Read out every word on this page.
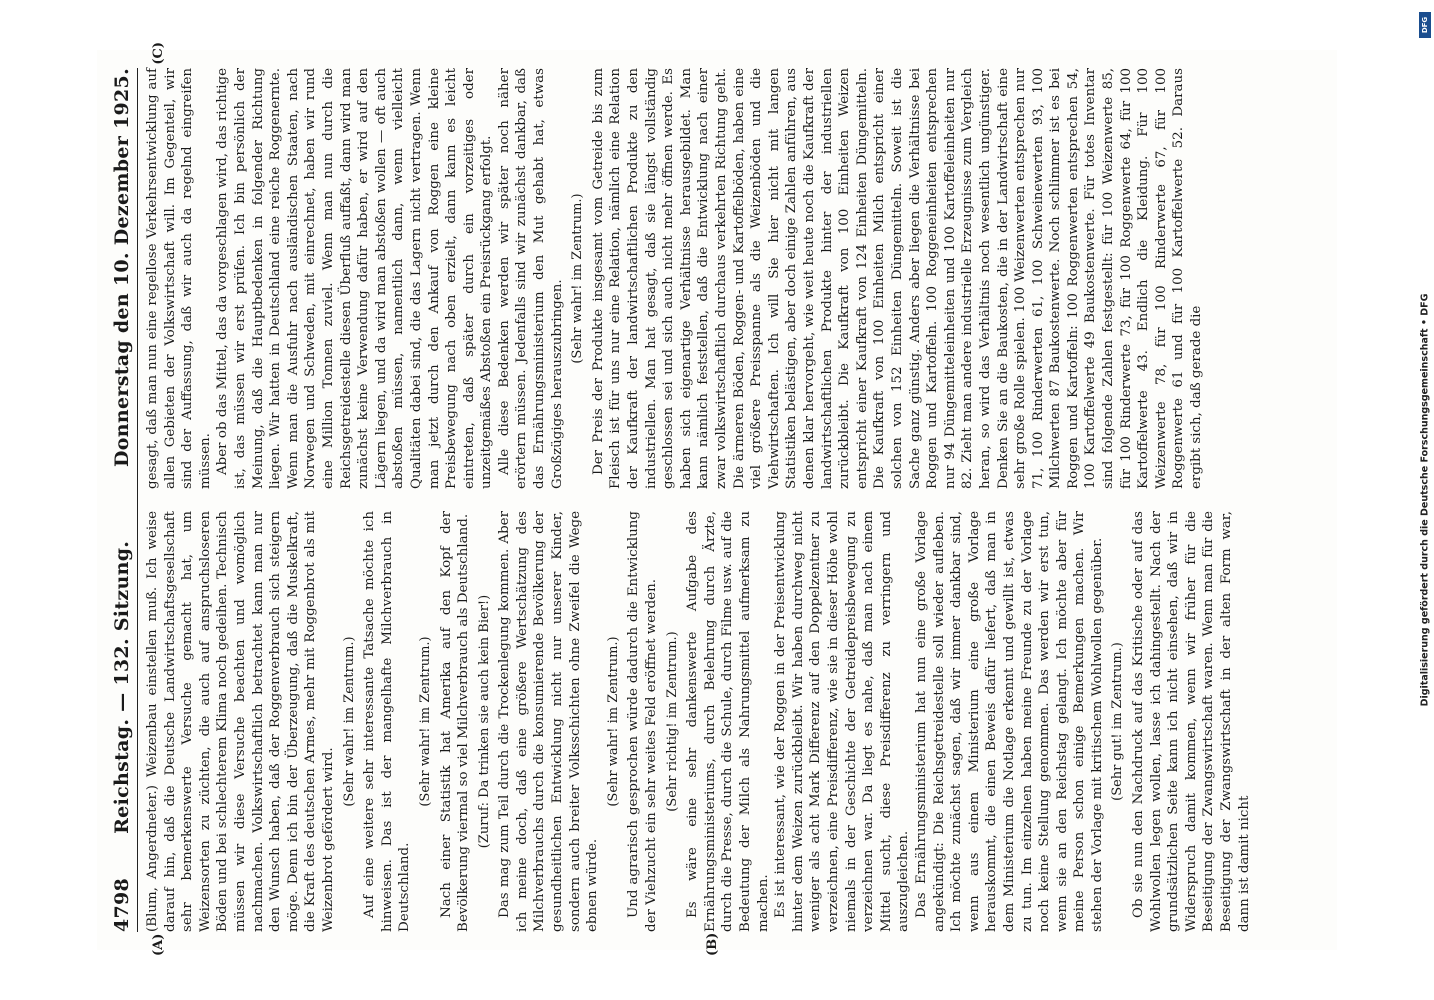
4798
Reichstag. — 132. Sitzung.
Donnerstag den 10. Dezember 1925.
(A)

(Blum, Angerdneter.) Weizenbau einstellen muß. Ich weise darauf hin, daß die Deutsche Landwirtschaftsgesellschaft sehr bemerkenswerte Versuche gemacht hat, um Weizensorten zu züchten, die auch auf anspruchsloseren Böden und bei schlechterem Klima noch gedeihen. Technisch müssen wir diese Versuche beachten und womöglich nachmachen. Volkswirtschaftlich betrachtet kann man nur den Wunsch haben, daß der Roggenverbrauch sich steigern möge. Denn ich bin der Überzeugung, daß die Muskelkraft, die Kraft des deutschen Armes, mehr mit Roggenbrot als mit Weizenbrot gefördert wird.

(Sehr wahr! im Zentrum.) Auf eine weitere sehr interessante Tatsache möchte ich hinweisen. Das ist der mangelhafte Milchverbrauch in Deutschland.

(Sehr wahr! im Zentrum.) Nach einer Statistik hat Amerika auf den Kopf der Bevölkerung viermal so viel Milchverbrauch als Deutschland. (Zuruf: Da trinken sie auch kein Bier!) Das mag zum Teil durch die Trockenlegung kommen. Aber ich meine doch, daß eine größere Wertschätzung des Milchverbrauchs durch die konsumierende Bevölkerung der gesundheitlichen Entwicklung nicht nur unserer Kinder, sondern auch breiter Volksschichten ohne Zweifel die Wege ebnen würde.

(Sehr wahr! im Zentrum.) Und agrarisch gesprochen würde dadurch die Entwicklung der Viehzucht ein sehr weites Feld eröffnet werden. (Sehr richtig! im Zentrum.)

(B)

Es wäre eine sehr dankenswerte Aufgabe des Ernährungsministeriums, durch Belehrung durch Ärzte, durch die Presse, durch die Schule, durch Filme usw. auf die Bedeutung der Milch als Nahrungsmittel aufmerksam zu machen. Es ist interessant, wie der Roggen in der Preisentwicklung hinter dem Weizen zurückbleibt. Wir haben durchweg nicht weniger als acht Mark Differenz auf den Doppelzentner zu verzeichnen, eine Preisdifferenz, wie sie in dieser Höhe wohl niemals in der Geschichte der Getreidepreisbewegung zu verzeichnen war. Da liegt es nahe, daß man nach einem Mittel sucht, diese Preisdifferenz zu verringern und auszugleichen. Das Ernährungsministerium hat nun eine große Vorlage angekündigt: Die Reichsgetreidestelle soll wieder aufleben. Ich möchte zunächst sagen, daß wir immer dankbar sind, wenn aus einem Ministerium eine große Vorlage herauskommt, die einen Beweis dafür liefert, daß man in dem Ministerium die Notlage erkennt und gewillt ist, etwas zu tun. Im einzelnen haben meine Freunde zu der Vorlage noch keine Stellung genommen. Das werden wir erst tun, wenn sie an den Reichstag gelangt. Ich möchte aber für meine Person schon einige Bemerkungen machen. Wir stehen der Vorlage mit kritischem Wohlwollen gegenüber. (Sehr gut! im Zentrum.) Ob sie nun den Nachdruck auf das Kritische oder auf das Wohlwollen legen wollen, lasse ich dahingestellt. Nach der grundsätzlichen Seite kann ich nicht einsehen, daß wir in Widerspruch damit kommen, wenn wir früher für die Beseitigung der Zwangswirtschaft waren. Wenn man für die Beseitigung der Zwangswirtschaft in der alten Form war, dann ist damit nicht

(C)

gesagt, daß man nun eine regellose Verkehrsentwicklung auf allen Gebieten der Volkswirtschaft will. Im Gegenteil, wir sind der Auffassung, daß wir auch da regelnd eingreifen müssen. Aber ob das Mittel, das da vorgeschlagen wird, das richtige ist, das müssen wir erst prüfen. Ich bin persönlich der Meinung, daß die Hauptbedenken in folgender Richtung liegen. Wir hatten in Deutschland eine reiche Roggenernte. Wenn man die Ausfuhr nach ausländischen Staaten, nach Norwegen und Schweden, mit einrechnet, haben wir rund eine Million Tonnen zuviel. Wenn man nun durch die Reichsgetreidestelle diesen Überfluß auffaßt, dann wird man zunächst keine Verwendung dafür haben, er wird auf den Lägern liegen, und da wird man abstoßen wollen — oft auch abstoßen müssen, namentlich dann, wenn vielleicht Qualitäten dabei sind, die das Lagern nicht vertragen. Wenn man jetzt durch den Ankauf von Roggen eine kleine Preisbewegung nach oben erzielt, dann kann es leicht eintreten, daß später durch ein vorzeitiges oder unzeitgemäßes Abstoßen ein Preisrückgang erfolgt. Alle diese Bedenken werden wir später noch näher erörtern müssen. Jedenfalls sind wir zunächst dankbar, daß das Ernährungsministerium den Mut gehabt hat, etwas Großzügiges herauszubringen.

(Sehr wahr! im Zentrum.) Der Preis der Produkte insgesamt vom Getreide bis zum Fleisch ist für uns nur eine Relation, nämlich eine Relation der Kaufkraft der landwirtschaftlichen Produkte zu den industriellen. Man hat gesagt, daß sie längst vollständig geschlossen sei und sich auch nicht mehr öffnen werde. Es haben sich eigenartige Verhältnisse herausgebildet. Man kann nämlich feststellen, daß die Entwicklung nach einer zwar volkswirtschaftlich durchaus verkehrten Richtung geht. Die ärmeren Böden, Roggen- und Kartoffelböden, haben eine viel größere Preisspanne als die Weizenböden und die Viehwirtschaften. Ich will Sie hier nicht mit langen Statistiken belästigen, aber doch einige Zahlen anführen, aus denen klar hervorgeht, wie weit heute noch die Kaufkraft der landwirtschaftlichen Produkte hinter der industriellen zurückbleibt. Die Kaufkraft von 100 Einheiten Weizen entspricht einer Kaufkraft von 124 Einheiten Düngemitteln. Die Kaufkraft von 100 Einheiten Milch entspricht einer solchen von 152 Einheiten Düngemitteln. Soweit ist die Sache ganz günstig. Anders aber liegen die Verhältnisse bei Roggen und Kartoffeln. 100 Roggeneinheiten entsprechen nur 94 Düngemitteleinheiten und 100 Kartoffeleinheiten nur 82. Zieht man andere industrielle Erzeugnisse zum Vergleich heran, so wird das Verhältnis noch wesentlich ungünstiger. Denken Sie an die Baukosten, die in der Landwirtschaft eine sehr große Rolle spielen. 100 Weizenwerten entsprechen nur 71, 100 Rinderwerten 61, 100 Schweinewerten 93, 100 Milchwerten 87 Baukostenwerte. Noch schlimmer ist es bei Roggen und Kartoffeln: 100 Roggenwerten entsprechen 54, 100 Kartoffelwerte 49 Baukostenwerte. Für totes Inventar sind folgende Zahlen festgestellt: für 100 Weizenwerte 85, für 100 Rinderwerte 73, für 100 Roggenwerte 64, für 100 Kartoffelwerte 43. Endlich die Kleidung. Für 100 Weizenwerte 78, für 100 Rinderwerte 67, für 100 Roggenwerte 61 und für 100 Kartoffelwerte 52. Daraus ergibt sich, daß gerade die

DFG
Digitalisierung gefördert durch die Deutsche Forschungsgemeinschaft • DFG
